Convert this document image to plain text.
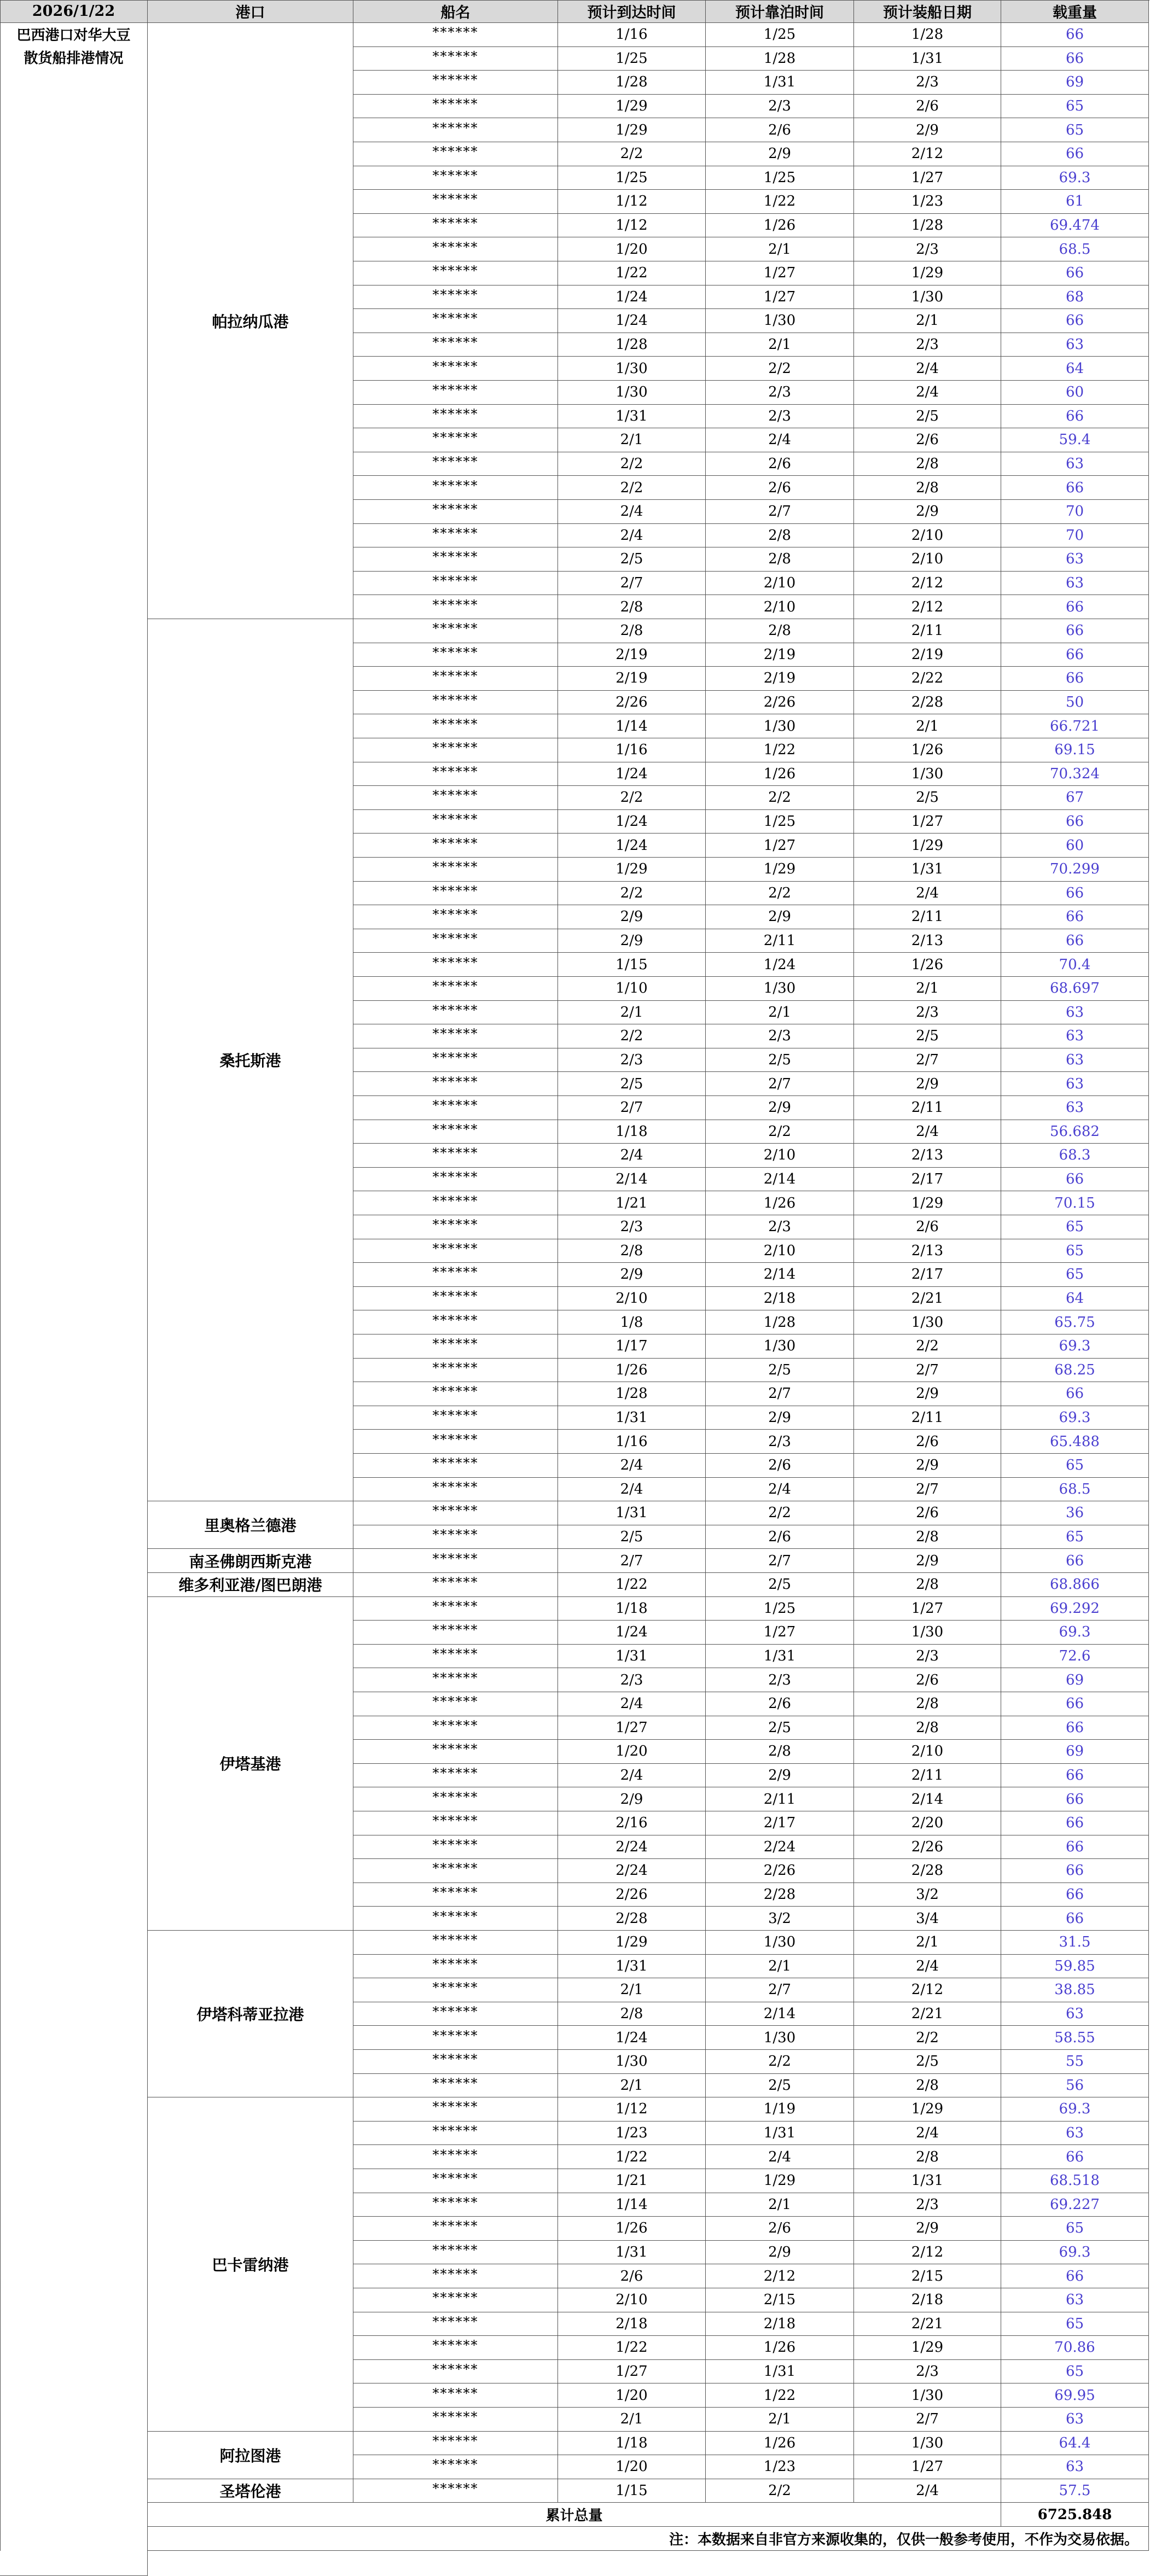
2026/1/22
巴西港口对华大豆
散货船排港情况
港口	船名	预计到达时间	预计靠泊时间	预计装船日期	载重量
帕拉纳瓜港
******	1/16	1/25	1/28	66
******	1/25	1/28	1/31	66
******	1/28	1/31	2/3	69
******	1/29	2/3	2/6	65
******	1/29	2/6	2/9	65
******	2/2	2/9	2/12	66
******	1/25	1/25	1/27	69.3
******	1/12	1/22	1/23	61
******	1/12	1/26	1/28	69.474
******	1/20	2/1	2/3	68.5
******	1/22	1/27	1/29	66
******	1/24	1/27	1/30	68
******	1/24	1/30	2/1	66
******	1/28	2/1	2/3	63
******	1/30	2/2	2/4	64
******	1/30	2/3	2/4	60
******	1/31	2/3	2/5	66
******	2/1	2/4	2/6	59.4
******	2/2	2/6	2/8	63
******	2/2	2/6	2/8	66
******	2/4	2/7	2/9	70
******	2/4	2/8	2/10	70
******	2/5	2/8	2/10	63
******	2/7	2/10	2/12	63
******	2/8	2/10	2/12	66
桑托斯港
******	2/8	2/8	2/11	66
******	2/19	2/19	2/19	66
******	2/19	2/19	2/22	66
******	2/26	2/26	2/28	50
******	1/14	1/30	2/1	66.721
******	1/16	1/22	1/26	69.15
******	1/24	1/26	1/30	70.324
******	2/2	2/2	2/5	67
******	1/24	1/25	1/27	66
******	1/24	1/27	1/29	60
******	1/29	1/29	1/31	70.299
******	2/2	2/2	2/4	66
******	2/9	2/9	2/11	66
******	2/9	2/11	2/13	66
******	1/15	1/24	1/26	70.4
******	1/10	1/30	2/1	68.697
******	2/1	2/1	2/3	63
******	2/2	2/3	2/5	63
******	2/3	2/5	2/7	63
******	2/5	2/7	2/9	63
******	2/7	2/9	2/11	63
******	1/18	2/2	2/4	56.682
******	2/4	2/10	2/13	68.3
******	2/14	2/14	2/17	66
******	1/21	1/26	1/29	70.15
******	2/3	2/3	2/6	65
******	2/8	2/10	2/13	65
******	2/9	2/14	2/17	65
******	2/10	2/18	2/21	64
******	1/8	1/28	1/30	65.75
******	1/17	1/30	2/2	69.3
******	1/26	2/5	2/7	68.25
******	1/28	2/7	2/9	66
******	1/31	2/9	2/11	69.3
******	1/16	2/3	2/6	65.488
******	2/4	2/6	2/9	65
******	2/4	2/4	2/7	68.5
里奥格兰德港
******	1/31	2/2	2/6	36
******	2/5	2/6	2/8	65
南圣佛朗西斯克港	******	2/7	2/7	2/9	66
维多利亚港/图巴朗港	******	1/22	2/5	2/8	68.866
伊塔基港
******	1/18	1/25	1/27	69.292
******	1/24	1/27	1/30	69.3
******	1/31	1/31	2/3	72.6
******	2/3	2/3	2/6	69
******	2/4	2/6	2/8	66
******	1/27	2/5	2/8	66
******	1/20	2/8	2/10	69
******	2/4	2/9	2/11	66
******	2/9	2/11	2/14	66
******	2/16	2/17	2/20	66
******	2/24	2/24	2/26	66
******	2/24	2/26	2/28	66
******	2/26	2/28	3/2	66
******	2/28	3/2	3/4	66
伊塔科蒂亚拉港
******	1/29	1/30	2/1	31.5
******	1/31	2/1	2/4	59.85
******	2/1	2/7	2/12	38.85
******	2/8	2/14	2/21	63
******	1/24	1/30	2/2	58.55
******	1/30	2/2	2/5	55
******	2/1	2/5	2/8	56
巴卡雷纳港
******	1/12	1/19	1/29	69.3
******	1/23	1/31	2/4	63
******	1/22	2/4	2/8	66
******	1/21	1/29	1/31	68.518
******	1/14	2/1	2/3	69.227
******	1/26	2/6	2/9	65
******	1/31	2/9	2/12	69.3
******	2/6	2/12	2/15	66
******	2/10	2/15	2/18	63
******	2/18	2/18	2/21	65
******	1/22	1/26	1/29	70.86
******	1/27	1/31	2/3	65
******	1/20	1/22	1/30	69.95
******	2/1	2/1	2/7	63
阿拉图港
******	1/18	1/26	1/30	64.4
******	1/20	1/23	1/27	63
圣塔伦港	******	1/15	2/2	2/4	57.5
累计总量	6725.848
注：本数据来自非官方来源收集的，仅供一般参考使用，不作为交易依据。
